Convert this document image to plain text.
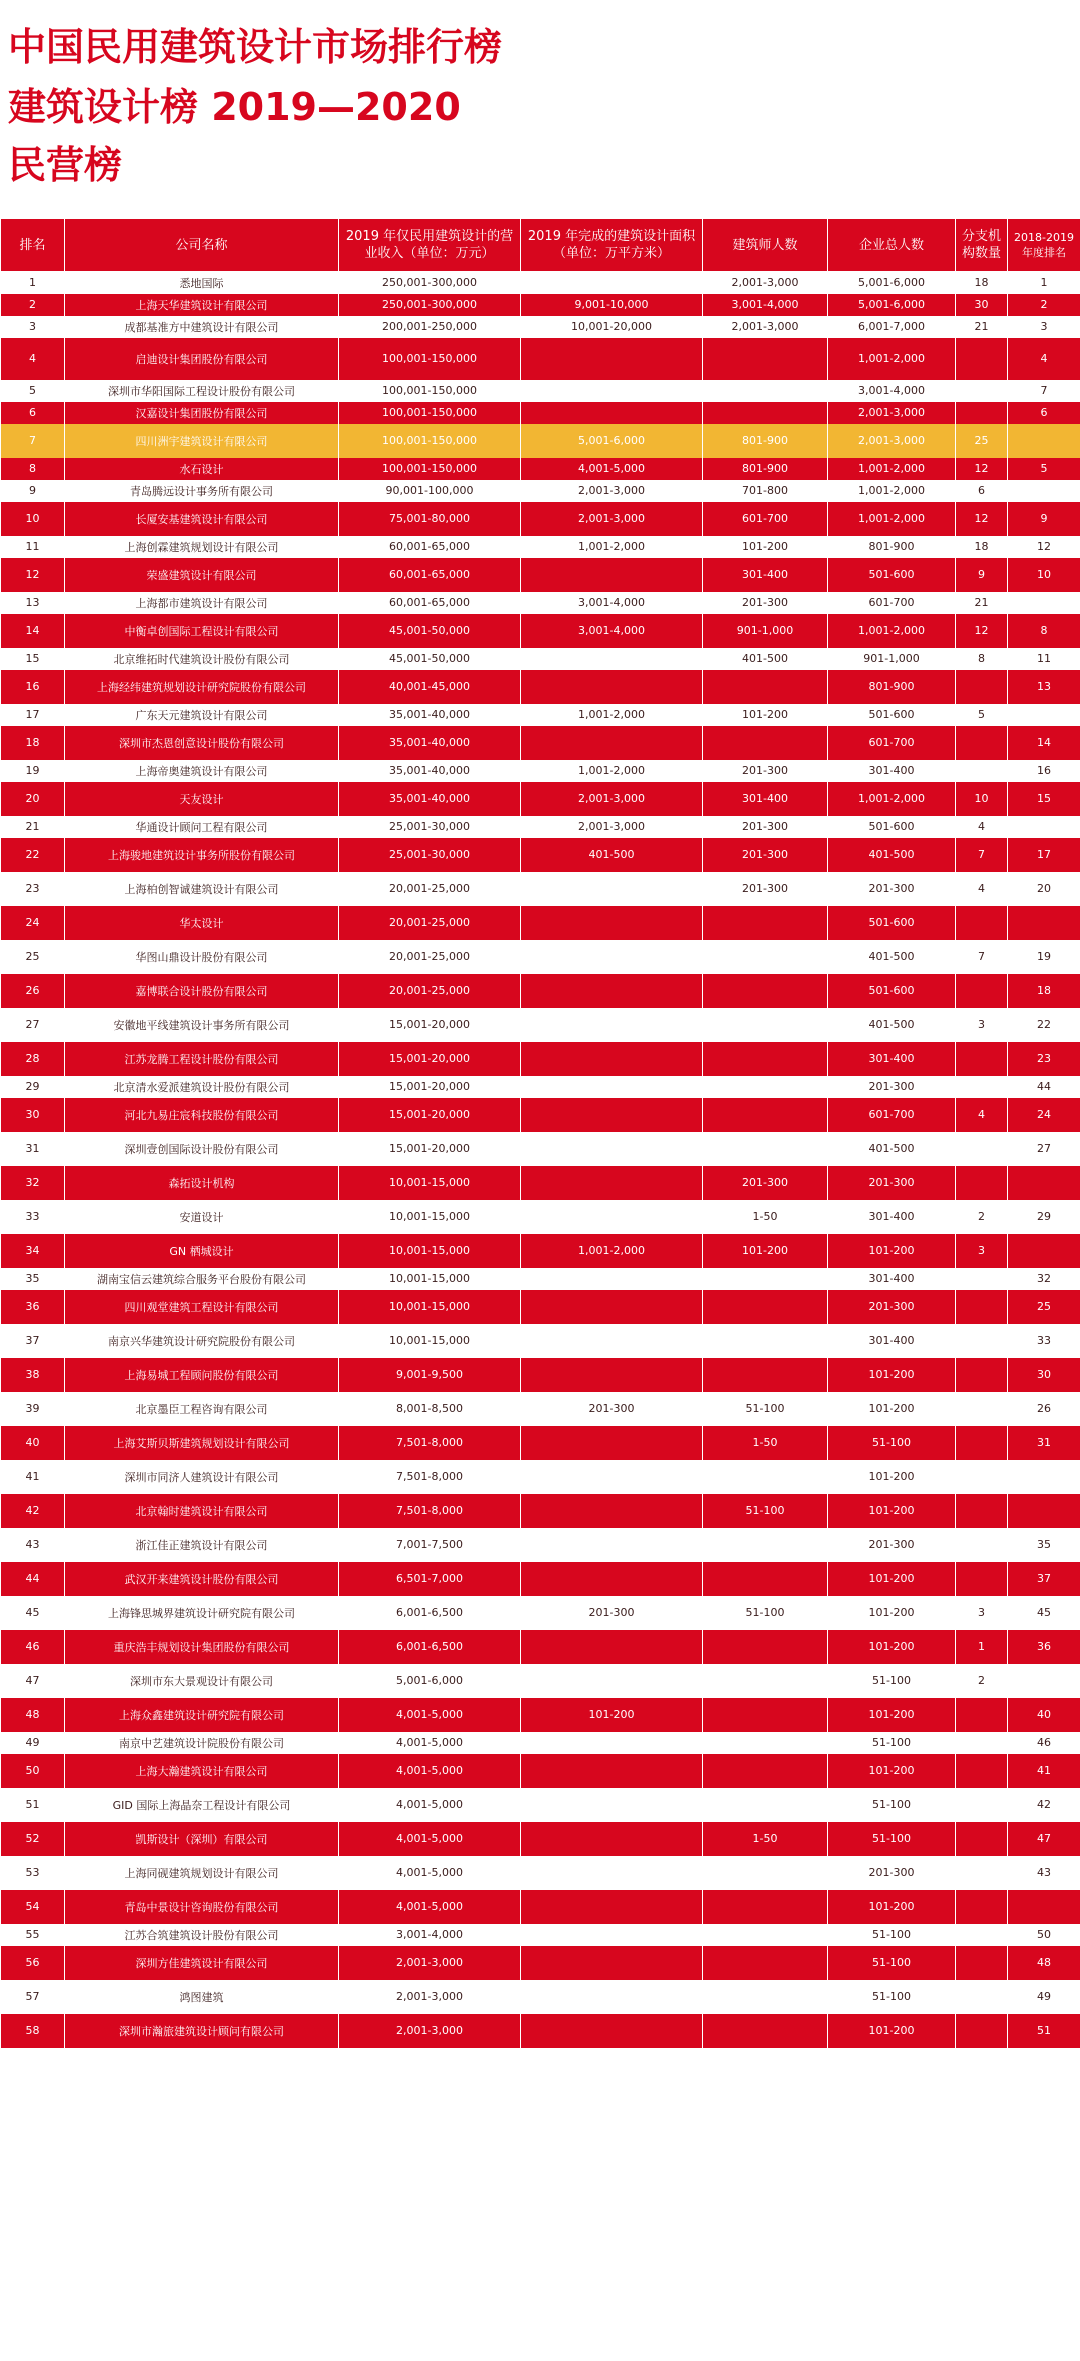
中国民用建筑设计市场排行榜
建筑设计榜 2019—2020
民营榜
排名	公司名称	2019 年仅民用建筑设计的营业收入（单位：万元）	2019 年完成的建筑设计面积（单位：万平方米）	建筑师人数	企业总人数	分支机构数量	2018-2019年度排名
1	悉地国际	250,001-300,000		2,001-3,000	5,001-6,000	18	1
2	上海天华建筑设计有限公司	250,001-300,000	9,001-10,000	3,001-4,000	5,001-6,000	30	2
3	成都基准方中建筑设计有限公司	200,001-250,000	10,001-20,000	2,001-3,000	6,001-7,000	21	3
4	启迪设计集团股份有限公司	100,001-150,000			1,001-2,000		4
5	深圳市华阳国际工程设计股份有限公司	100,001-150,000			3,001-4,000		7
6	汉嘉设计集团股份有限公司	100,001-150,000			2,001-3,000		6
7	四川洲宇建筑设计有限公司	100,001-150,000	5,001-6,000	801-900	2,001-3,000	25	
8	水石设计	100,001-150,000	4,001-5,000	801-900	1,001-2,000	12	5
9	青岛腾远设计事务所有限公司	90,001-100,000	2,001-3,000	701-800	1,001-2,000	6	
10	长厦安基建筑设计有限公司	75,001-80,000	2,001-3,000	601-700	1,001-2,000	12	9
11	上海创霖建筑规划设计有限公司	60,001-65,000	1,001-2,000	101-200	801-900	18	12
12	荣盛建筑设计有限公司	60,001-65,000		301-400	501-600	9	10
13	上海都市建筑设计有限公司	60,001-65,000	3,001-4,000	201-300	601-700	21	
14	中衡卓创国际工程设计有限公司	45,001-50,000	3,001-4,000	901-1,000	1,001-2,000	12	8
15	北京维拓时代建筑设计股份有限公司	45,001-50,000		401-500	901-1,000	8	11
16	上海经纬建筑规划设计研究院股份有限公司	40,001-45,000			801-900		13
17	广东天元建筑设计有限公司	35,001-40,000	1,001-2,000	101-200	501-600	5	
18	深圳市杰恩创意设计股份有限公司	35,001-40,000			601-700		14
19	上海帝奥建筑设计有限公司	35,001-40,000	1,001-2,000	201-300	301-400		16
20	天友设计	35,001-40,000	2,001-3,000	301-400	1,001-2,000	10	15
21	华通设计顾问工程有限公司	25,001-30,000	2,001-3,000	201-300	501-600	4	
22	上海骏地建筑设计事务所股份有限公司	25,001-30,000	401-500	201-300	401-500	7	17
23	上海柏创智诚建筑设计有限公司	20,001-25,000		201-300	201-300	4	20
24	华太设计	20,001-25,000			501-600		
25	华图山鼎设计股份有限公司	20,001-25,000			401-500	7	19
26	嘉博联合设计股份有限公司	20,001-25,000			501-600		18
27	安徽地平线建筑设计事务所有限公司	15,001-20,000			401-500	3	22
28	江苏龙腾工程设计股份有限公司	15,001-20,000			301-400		23
29	北京清水爱派建筑设计股份有限公司	15,001-20,000			201-300		44
30	河北九易庄宸科技股份有限公司	15,001-20,000			601-700	4	24
31	深圳壹创国际设计股份有限公司	15,001-20,000			401-500		27
32	森拓设计机构	10,001-15,000		201-300	201-300		
33	安道设计	10,001-15,000		1-50	301-400	2	29
34	GN 栖城设计	10,001-15,000	1,001-2,000	101-200	101-200	3	
35	湖南宝信云建筑综合服务平台股份有限公司	10,001-15,000			301-400		32
36	四川观堂建筑工程设计有限公司	10,001-15,000			201-300		25
37	南京兴华建筑设计研究院股份有限公司	10,001-15,000			301-400		33
38	上海易城工程顾问股份有限公司	9,001-9,500			101-200		30
39	北京墨臣工程咨询有限公司	8,001-8,500	201-300	51-100	101-200		26
40	上海艾斯贝斯建筑规划设计有限公司	7,501-8,000		1-50	51-100		31
41	深圳市同济人建筑设计有限公司	7,501-8,000			101-200		
42	北京翰时建筑设计有限公司	7,501-8,000		51-100	101-200		
43	浙江佳正建筑设计有限公司	7,001-7,500			201-300		35
44	武汉开来建筑设计股份有限公司	6,501-7,000			101-200		37
45	上海锋思城界建筑设计研究院有限公司	6,001-6,500	201-300	51-100	101-200	3	45
46	重庆浩丰规划设计集团股份有限公司	6,001-6,500			101-200	1	36
47	深圳市东大景观设计有限公司	5,001-6,000			51-100	2	
48	上海众鑫建筑设计研究院有限公司	4,001-5,000	101-200		101-200		40
49	南京中艺建筑设计院股份有限公司	4,001-5,000			51-100		46
50	上海大瀚建筑设计有限公司	4,001-5,000			101-200		41
51	GID 国际上海晶奈工程设计有限公司	4,001-5,000			51-100		42
52	凯斯设计（深圳）有限公司	4,001-5,000		1-50	51-100		47
53	上海同砚建筑规划设计有限公司	4,001-5,000			201-300		43
54	青岛中景设计咨询股份有限公司	4,001-5,000			101-200		
55	江苏合筑建筑设计股份有限公司	3,001-4,000			51-100		50
56	深圳方佳建筑设计有限公司	2,001-3,000			51-100		48
57	鸿图建筑	2,001-3,000			51-100		49
58	深圳市瀚旅建筑设计顾问有限公司	2,001-3,000			101-200		51
